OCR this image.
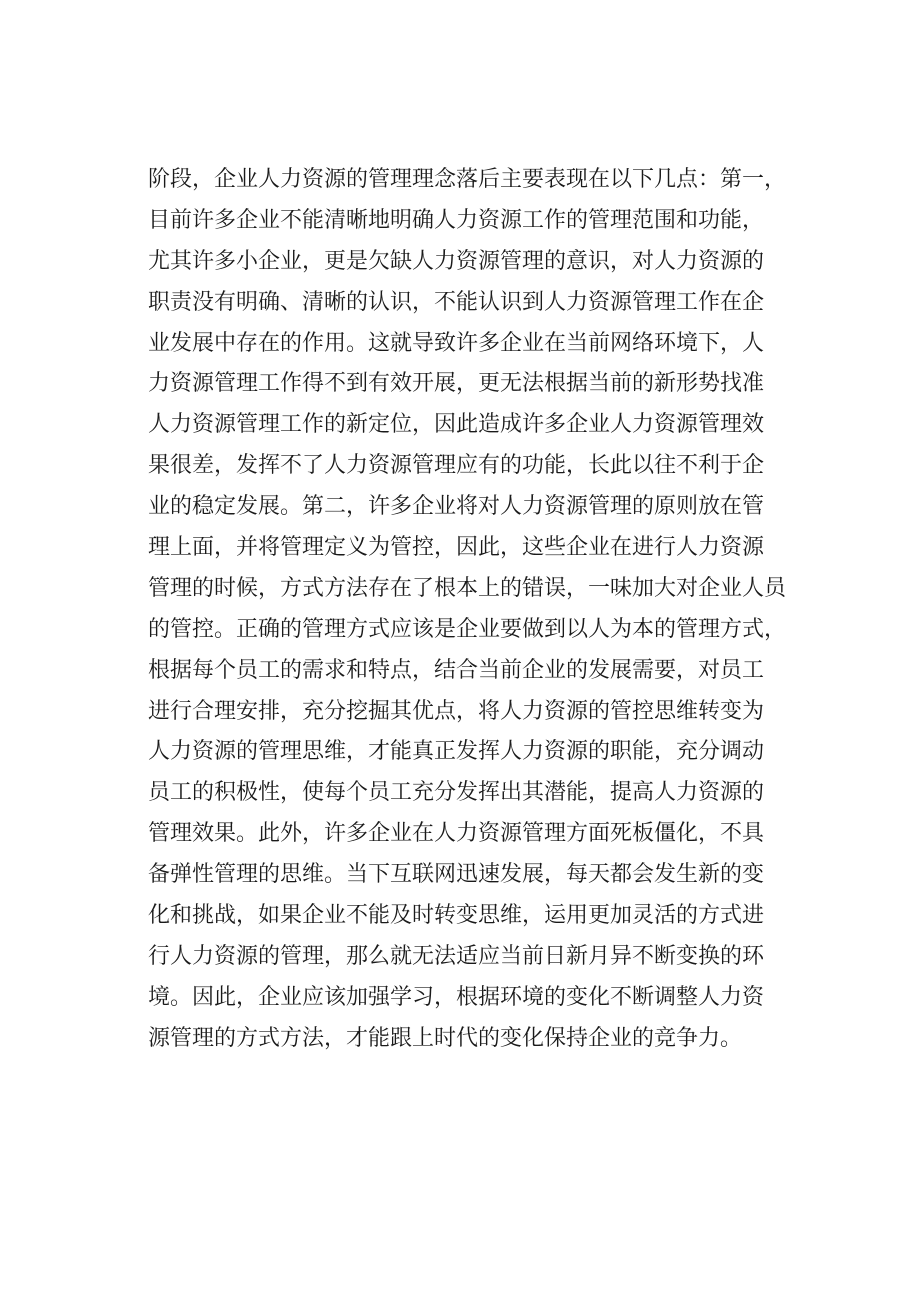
阶段，企业人力资源的管理理念落后主要表现在以下几点：第一，
目前许多企业不能清晰地明确人力资源工作的管理范围和功能，
尤其许多小企业，更是欠缺人力资源管理的意识，对人力资源的
职责没有明确、清晰的认识，不能认识到人力资源管理工作在企
业发展中存在的作用。这就导致许多企业在当前网络环境下，人
力资源管理工作得不到有效开展，更无法根据当前的新形势找准
人力资源管理工作的新定位，因此造成许多企业人力资源管理效
果很差，发挥不了人力资源管理应有的功能，长此以往不利于企
业的稳定发展。第二，许多企业将对人力资源管理的原则放在管
理上面，并将管理定义为管控，因此，这些企业在进行人力资源
管理的时候，方式方法存在了根本上的错误，一味加大对企业人员
的管控。正确的管理方式应该是企业要做到以人为本的管理方式，
根据每个员工的需求和特点，结合当前企业的发展需要，对员工
进行合理安排，充分挖掘其优点，将人力资源的管控思维转变为
人力资源的管理思维，才能真正发挥人力资源的职能，充分调动
员工的积极性，使每个员工充分发挥出其潜能，提高人力资源的
管理效果。此外，许多企业在人力资源管理方面死板僵化，不具
备弹性管理的思维。当下互联网迅速发展，每天都会发生新的变
化和挑战，如果企业不能及时转变思维，运用更加灵活的方式进
行人力资源的管理，那么就无法适应当前日新月异不断变换的环
境。因此，企业应该加强学习，根据环境的变化不断调整人力资
源管理的方式方法，才能跟上时代的变化保持企业的竞争力。
